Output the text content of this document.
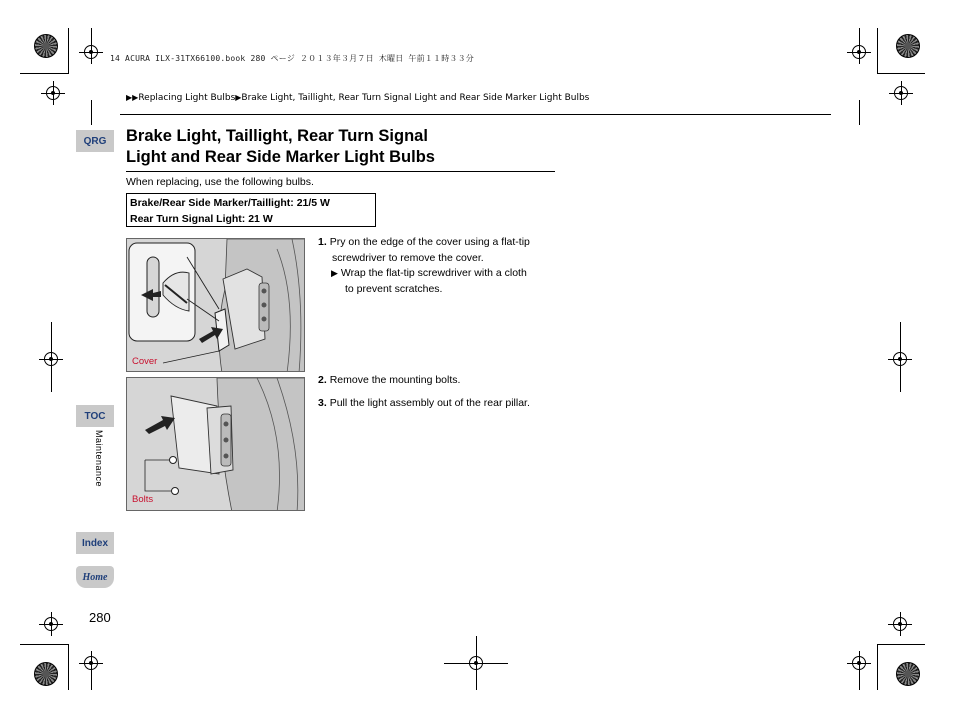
14 ACURA ILX-31TX66100.book 280 ページ ２０１３年３月７日 木曜日 午前１１時３３分
▶▶Replacing Light Bulbs▶Brake Light, Taillight, Rear Turn Signal Light and Rear Side Marker Light Bulbs
QRG
TOC
Maintenance
Index
Home
280
Brake Light, Taillight, Rear Turn Signal
Light and Rear Side Marker Light Bulbs
When replacing, use the following bulbs.
Brake/Rear Side Marker/Taillight: 21/5 W
Rear Turn Signal Light: 21 W
Cover
Bolts
1. Pry on the edge of the cover using a flat-tip
screwdriver to remove the cover.
▶ Wrap the flat-tip screwdriver with a cloth
to prevent scratches.
2. Remove the mounting bolts.
3. Pull the light assembly out of the rear pillar.
